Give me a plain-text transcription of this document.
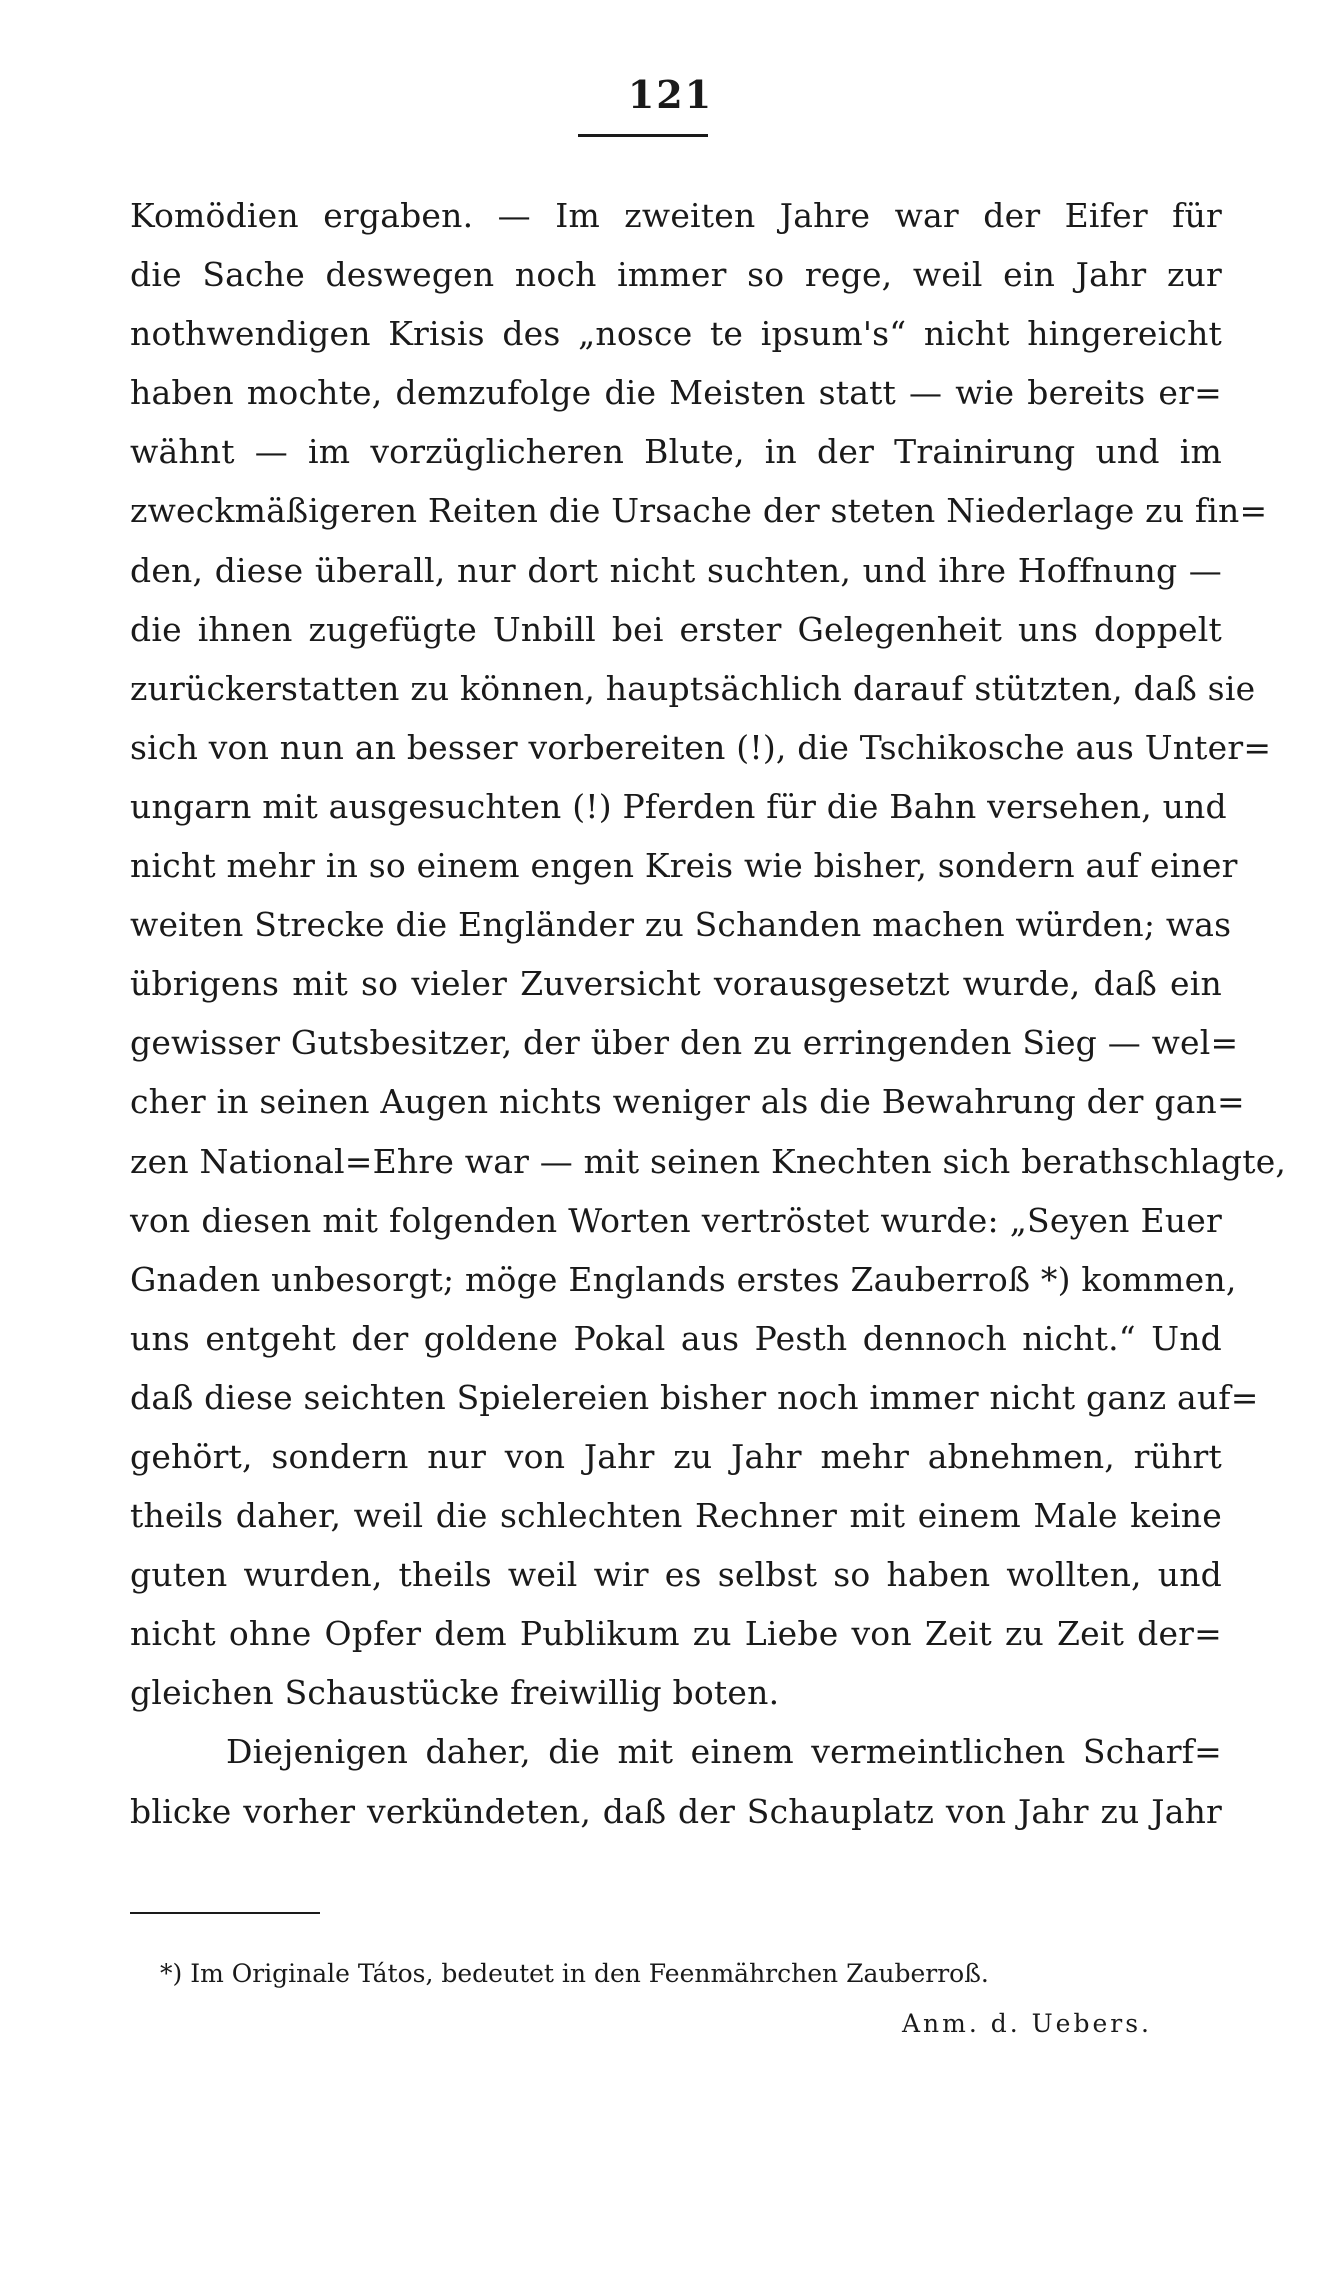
121
Komödien ergaben. — Im zweiten Jahre war der Eifer für
die Sache deswegen noch immer so rege, weil ein Jahr zur
nothwendigen Krisis des „nosce te ipsum's“ nicht hingereicht
haben mochte, demzufolge die Meisten statt — wie bereits er=
wähnt — im vorzüglicheren Blute, in der Trainirung und im
zweckmäßigeren Reiten die Ursache der steten Niederlage zu fin=
den, diese überall, nur dort nicht suchten, und ihre Hoffnung —
die ihnen zugefügte Unbill bei erster Gelegenheit uns doppelt
zurückerstatten zu können, hauptsächlich darauf stützten, daß sie
sich von nun an besser vorbereiten (!), die Tschikosche aus Unter=
ungarn mit ausgesuchten (!) Pferden für die Bahn versehen, und
nicht mehr in so einem engen Kreis wie bisher, sondern auf einer
weiten Strecke die Engländer zu Schanden machen würden; was
übrigens mit so vieler Zuversicht vorausgesetzt wurde, daß ein
gewisser Gutsbesitzer, der über den zu erringenden Sieg — wel=
cher in seinen Augen nichts weniger als die Bewahrung der gan=
zen National=Ehre war — mit seinen Knechten sich berathschlagte,
von diesen mit folgenden Worten vertröstet wurde: „Seyen Euer
Gnaden unbesorgt; möge Englands erstes Zauberroß *) kommen,
uns entgeht der goldene Pokal aus Pesth dennoch nicht.“ Und
daß diese seichten Spielereien bisher noch immer nicht ganz auf=
gehört, sondern nur von Jahr zu Jahr mehr abnehmen, rührt
theils daher, weil die schlechten Rechner mit einem Male keine
guten wurden, theils weil wir es selbst so haben wollten, und
nicht ohne Opfer dem Publikum zu Liebe von Zeit zu Zeit der=
gleichen Schaustücke freiwillig boten.
Diejenigen daher, die mit einem vermeintlichen Scharf=
blicke vorher verkündeten, daß der Schauplatz von Jahr zu Jahr
*) Im Originale Tátos, bedeutet in den Feenmährchen Zauberroß.
Anm. d. Uebers.
